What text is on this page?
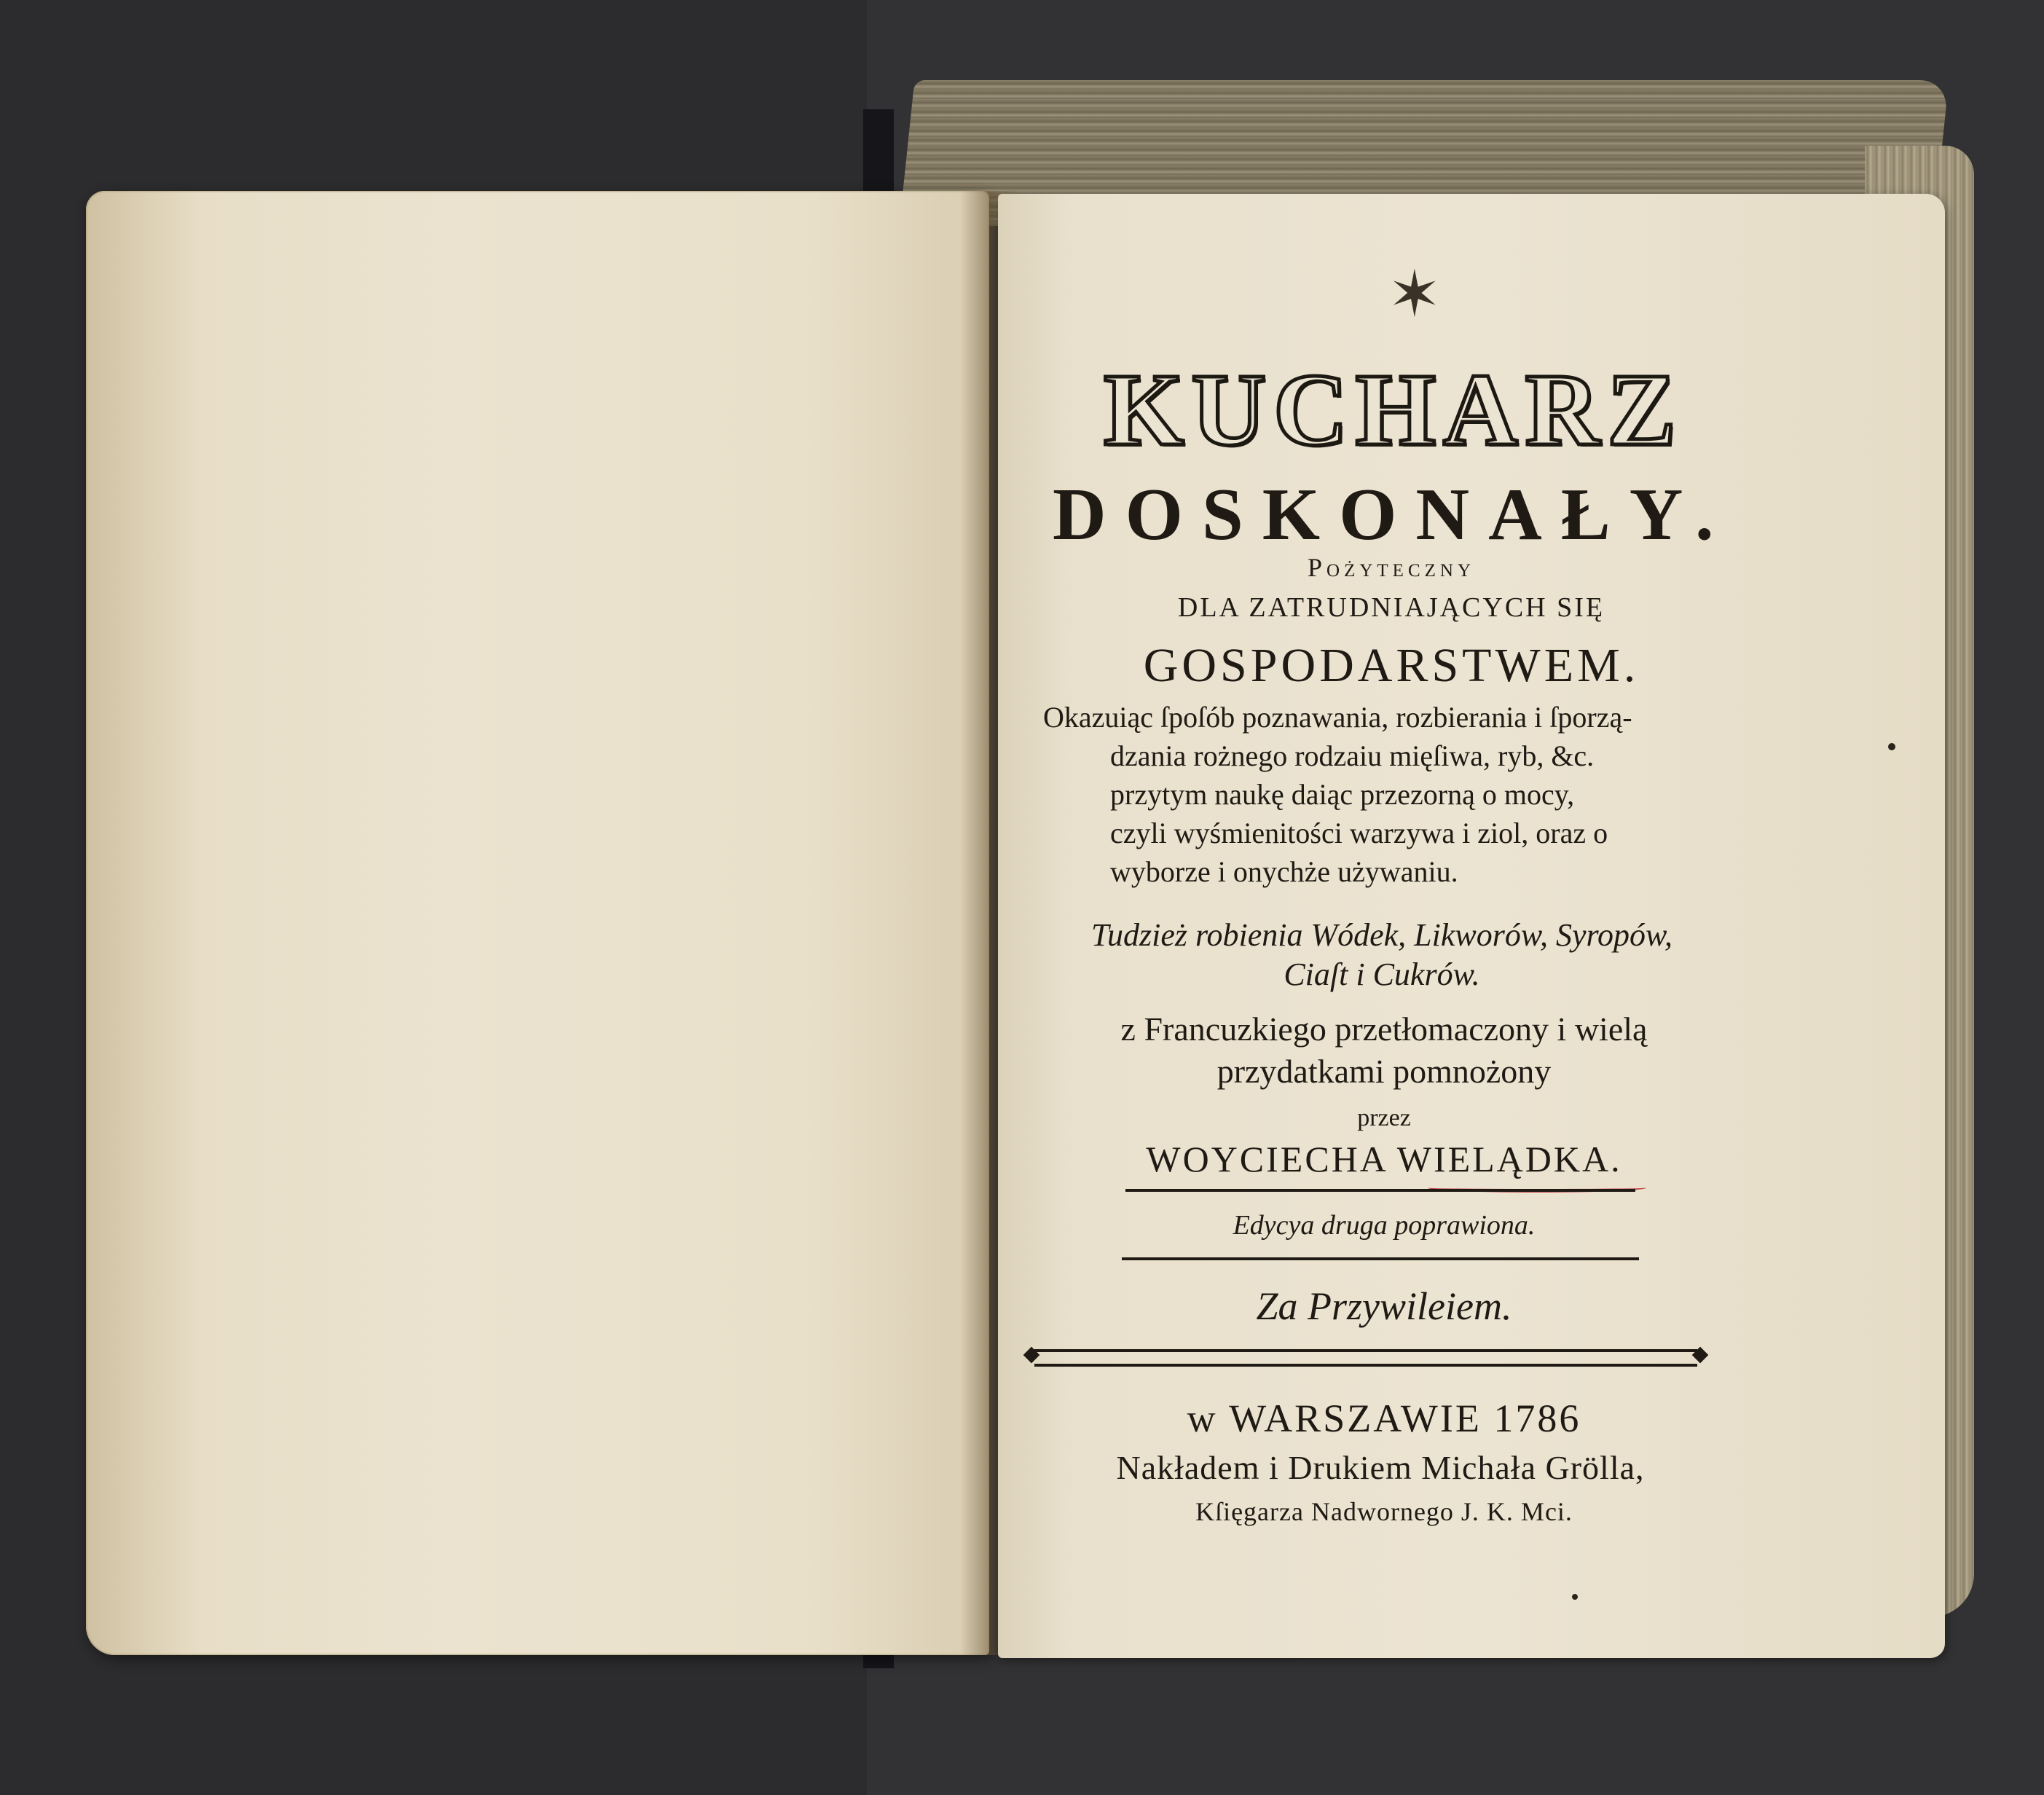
✶
KUCHARZ
DOSKONAŁY.
Pożyteczny
DLA ZATRUDNIAJĄCYCH SIĘ
GOSPODARSTWEM.

Okazuiąc ſpoſób poznawania, rozbierania i ſporzą-

dzania rożnego rodzaiu mięſiwa, ryb, &c.

przytym naukę daiąc przezorną o mocy,

czyli wyśmienitości warzywa i ziol, oraz o

wyborze i onychże używaniu.

Tudzież robienia Wódek, Likworów, Syropów,
Ciaſt i Cukrów.
z Francuzkiego przetłomaczony i wielą
przydatkami pomnożony
przez
WOYCIECHA WIELĄDKA.
Edycya druga poprawiona.
Za Przywileiem.
w WARSZAWIE 1786
Nakładem i Drukiem Michała Grölla,
Kſięgarza Nadwornego J. K. Mci.
